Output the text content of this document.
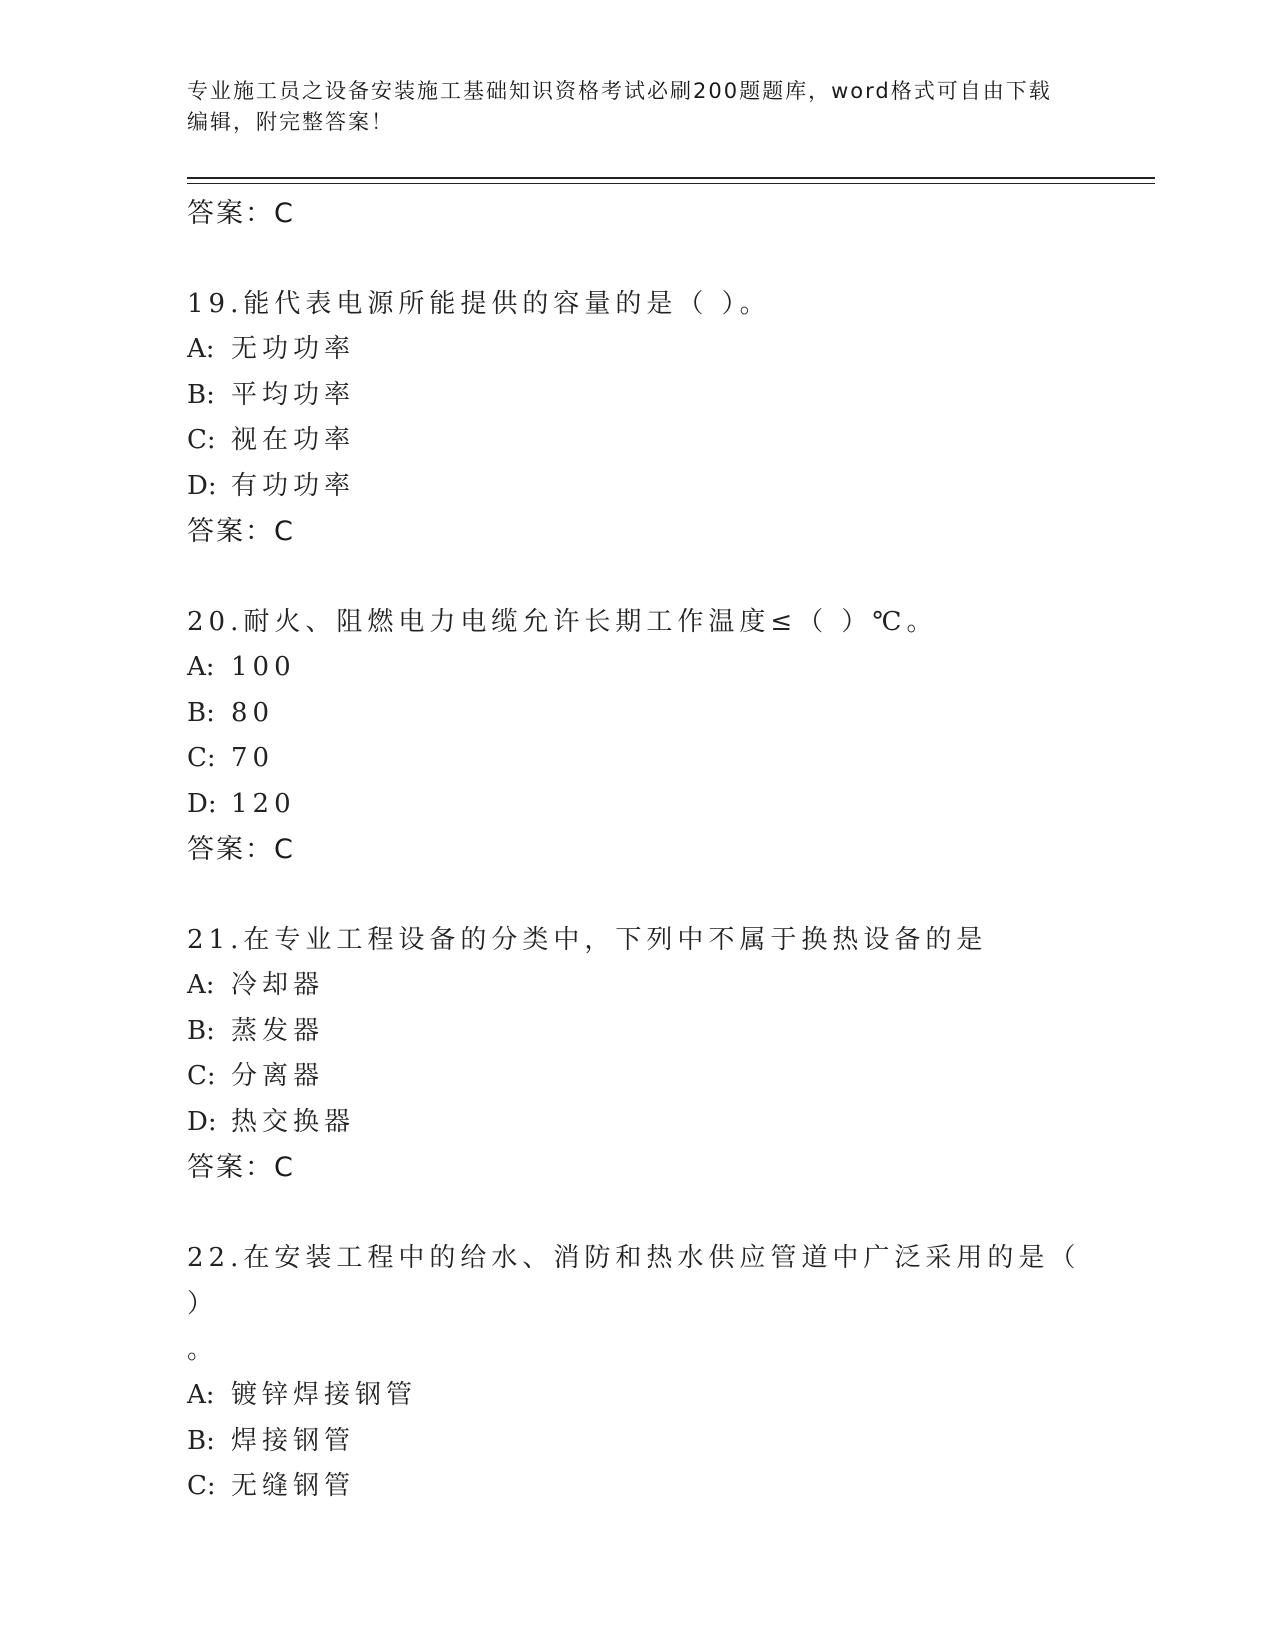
专业施工员之设备安装施工基础知识资格考试必刷200题题库，word格式可自由下载编辑，附完整答案！
答案：C
19.能代表电源所能提供的容量的是（ ）。
A: 无功功率
B: 平均功率
C: 视在功率
D: 有功功率
答案：C
20.耐火、阻燃电力电缆允许长期工作温度≤（ ）℃。
A: 100
B: 80
C: 70
D: 120
答案：C
21.在专业工程设备的分类中，下列中不属于换热设备的是
A: 冷却器
B: 蒸发器
C: 分离器
D: 热交换器
答案：C
22.在安装工程中的给水、消防和热水供应管道中广泛采用的是（ ）
。
A: 镀锌焊接钢管
B: 焊接钢管
C: 无缝钢管
